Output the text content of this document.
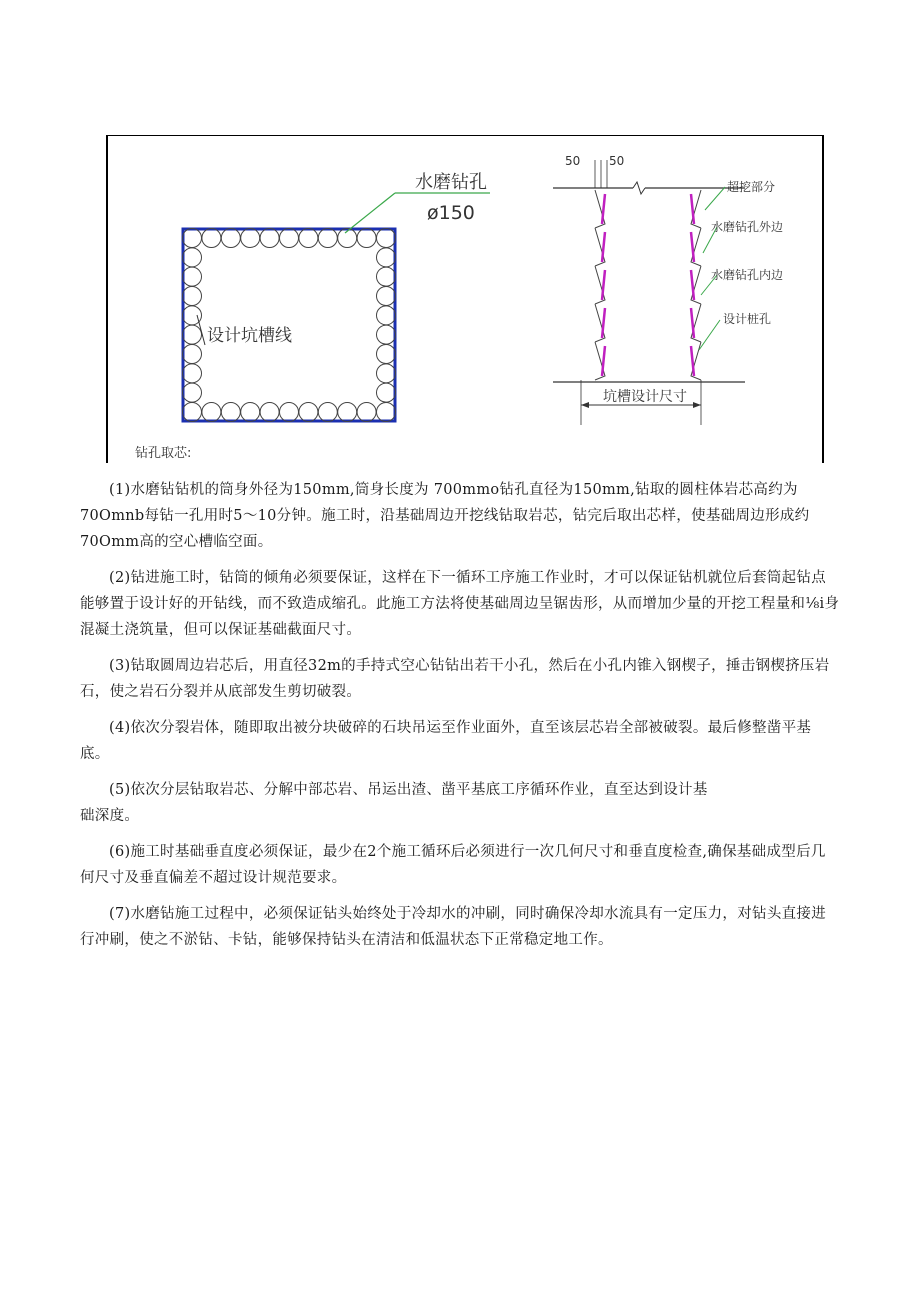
水磨钻孔
ø150
设计坑槽线
50 50
坑槽设计尺寸
超挖部分
水磨钻孔外边
水磨钻孔内边
设计桩孔
钻孔取芯:

(1)水磨钻钻机的筒身外径为150mm,筒身长度为 700mmo钻孔直径为150mm,钻取的圆柱体岩芯高约为70Omnb每钻一孔用时5～10分钟。施工时，沿基础周边开挖线钻取岩芯，钻完后取出芯样，使基础周边形成约70Omm高的空心槽临空面。

(2)钻进施工时，钻筒的倾角必须要保证，这样在下一循环工序施工作业时，才可以保证钻机就位后套筒起钻点能够置于设计好的开钻线，而不致造成缩孔。此施工方法将使基础周边呈锯齿形，从而增加少量的开挖工程量和⅛i身混凝土浇筑量，但可以保证基础截面尺寸。

(3)钻取圆周边岩芯后，用直径32m的手持式空心钻钻出若干小孔，然后在小孔内锥入钢楔子，捶击钢楔挤压岩石，使之岩石分裂并从底部发生剪切破裂。

(4)依次分裂岩体，随即取出被分块破碎的石块吊运至作业面外，直至该层芯岩全部被破裂。最后修整凿平基底。

(5)依次分层钻取岩芯、分解中部芯岩、吊运出渣、凿平基底工序循环作业，直至达到设计基

础深度。

(6)施工时基础垂直度必须保证，最少在2个施工循环后必须进行一次几何尺寸和垂直度检查,确保基础成型后几何尺寸及垂直偏差不超过设计规范要求。

(7)水磨钻施工过程中，必须保证钻头始终处于冷却水的冲刷，同时确保冷却水流具有一定压力，对钻头直接进行冲刷，使之不淤钻、卡钻，能够保持钻头在清洁和低温状态下正常稳定地工作。
